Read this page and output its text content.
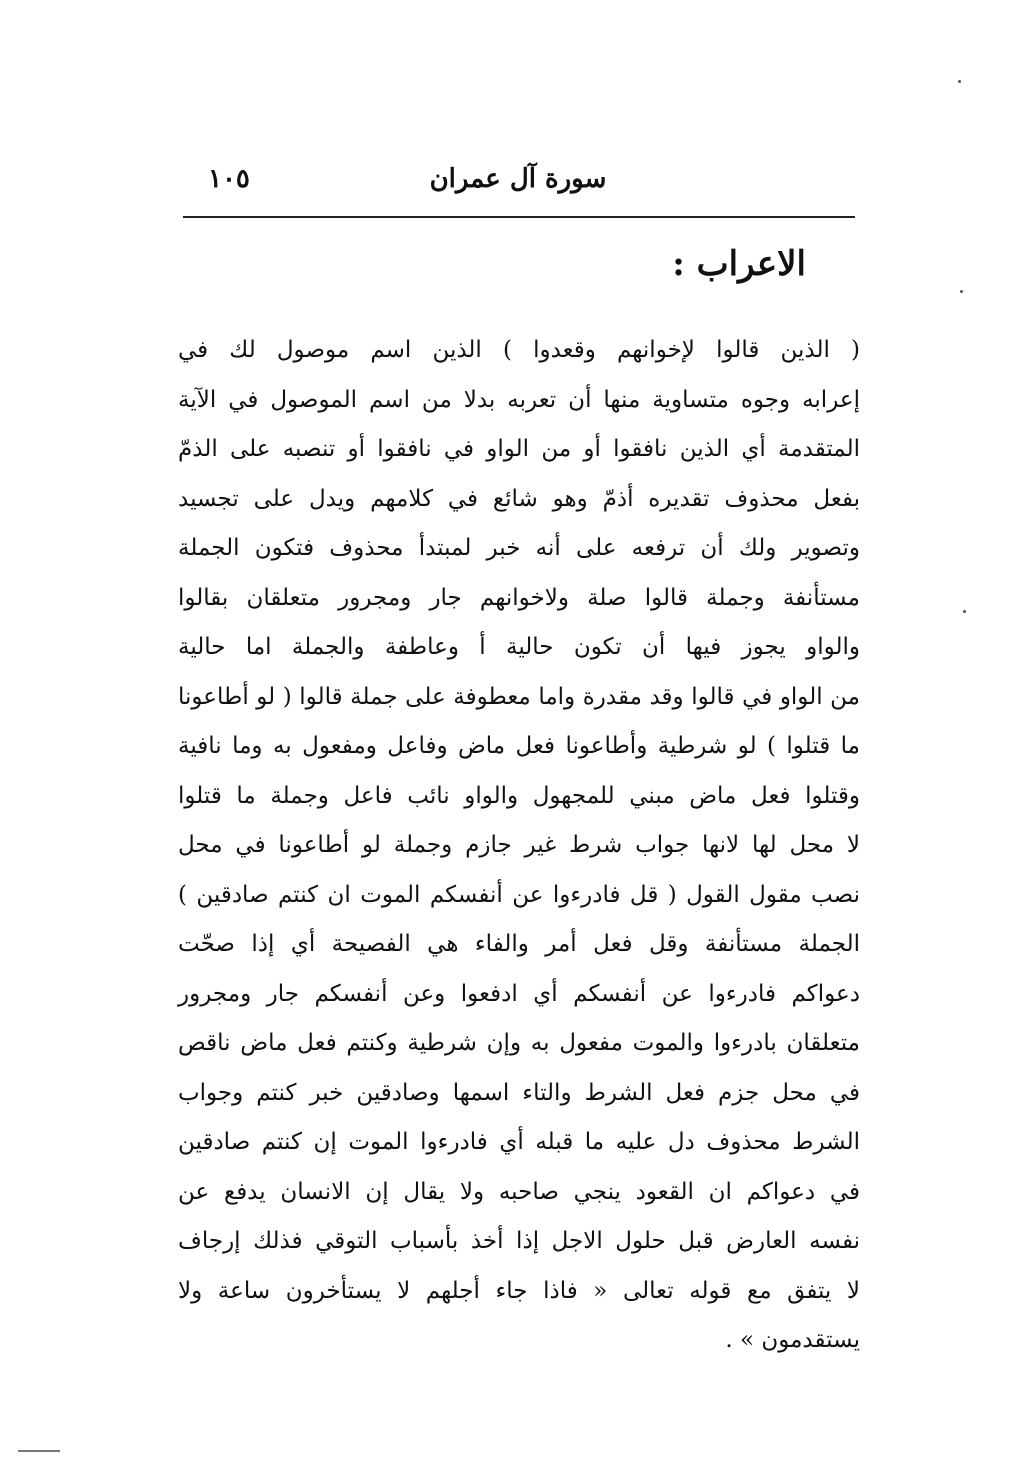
سورة آل عمران
١٠٥
الاعراب :
( الذين قالوا لإخوانهم وقعدوا ) الذين اسم موصول لك في
إعرابه وجوه متساوية منها أن تعربه بدلا من اسم الموصول في الآية
المتقدمة أي الذين نافقوا أو من الواو في نافقوا أو تنصبه على الذمّ
بفعل محذوف تقديره أذمّ وهو شائع في كلامهم ويدل على تجسيد
وتصوير ولك أن ترفعه على أنه خبر لمبتدأ محذوف فتكون الجملة
مستأنفة وجملة قالوا صلة ولاخوانهم جار ومجرور متعلقان بقالوا
والواو يجوز فيها أن تكون حالية أ وعاطفة والجملة اما حالية
من الواو في قالوا وقد مقدرة واما معطوفة على جملة قالوا ( لو أطاعونا
ما قتلوا ) لو شرطية وأطاعونا فعل ماض وفاعل ومفعول به وما نافية
وقتلوا فعل ماض مبني للمجهول والواو نائب فاعل وجملة ما قتلوا
لا محل لها لانها جواب شرط غير جازم وجملة لو أطاعونا في محل
نصب مقول القول ( قل فادرءوا عن أنفسكم الموت ان كنتم صادقين )
الجملة مستأنفة وقل فعل أمر والفاء هي الفصيحة أي إذا صحّت
دعواكم فادرءوا عن أنفسكم أي ادفعوا وعن أنفسكم جار ومجرور
متعلقان بادرءوا والموت مفعول به وإن شرطية وكنتم فعل ماض ناقص
في محل جزم فعل الشرط والتاء اسمها وصادقين خبر كنتم وجواب
الشرط محذوف دل عليه ما قبله أي فادرءوا الموت إن كنتم صادقين
في دعواكم ان القعود ينجي صاحبه ولا يقال إن الانسان يدفع عن
نفسه العارض قبل حلول الاجل إذا أخذ بأسباب التوقي فذلك إرجاف
لا يتفق مع قوله تعالى « فاذا جاء أجلهم لا يستأخرون ساعة ولا
يستقدمون » .
